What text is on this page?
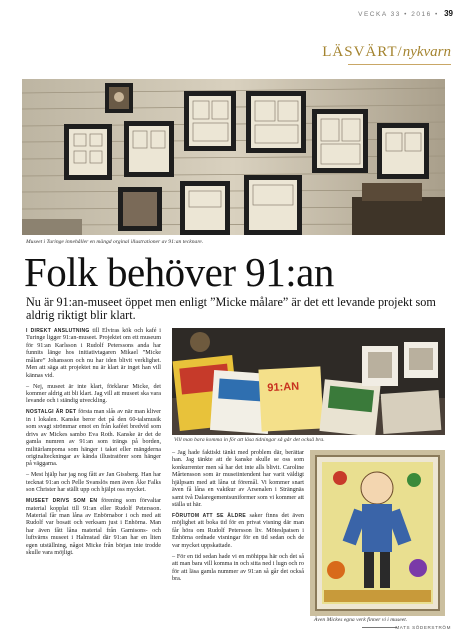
VECKA 33 • 2016 • 39
LÄSVÄRT/nykvarn
Museet i Turinge innehåller en mängd orginal illustrationer av 91:an tecknare.
Folk behöver 91:an
Nu är 91:an-museet öppet men enligt ”Micke målare” är det ett levande projekt som aldrig riktigt blir klart.

I DIREKT ANSLUTNING till Elviras kök och kafé i Turinge ligger 91:an-museet. Projektet om ett museum för 91:an Karlsson i Rudolf Peterssons anda har funnits länge hos initiativtagaren Mikael ”Micke målare” Johansson och nu har iden blivit verklighet. Men att säga att projektet nu är klart är inget han vill kännas vid.

– Nej, museet är inte klart, förklarar Micke, det kommer aldrig att bli klart. Jag vill att museet ska vara levande och i ständig utveckling.

NOSTALGI ÄR DET första man slås av när man kliver in i lokalen. Kanske beror det på den 60-talsmusik som svagt strömmar emot en från kaféet bredvid som drivs av Mickes sambo Eva Roth. Kanske är det de gamla numren av 91:an som trängs på borden, militärlampoma som hänger i taket eller mängderna originalteckningar av kända illustratörer som hänger på väggarna.

– Mest hjälp har jag nog fått av Jan Gissberg. Han har tecknat 91:an och Pelle Svanslös men även Åke Falks son Christer har ställt upp och hjälpt oss mycket.

MUSEET DRIVS SOM EN förening som förvaltar material kopplat till 91:an eller Rudolf Petersson. Material får man låna av Enbörnabor i och med att Rudolf var bosatt och verksam just i Enhörna. Man har även fått låna material från Garnisons- och luftvärns museet i Halmstad där 91:an har en liten egen utställning, något Micke från början inte trodde skulle vara möjligt.

91:AN
Vill man bara komma in för att läsa tidningar så går det också bra.

– Jag hade faktiskt tänkt med problem där, berättar han. Jag tänkte att de kanske skulle se oss som konkurrenter men så har det inte alls blivit. Caroline Mårtensson som är museiintendent har varit väldigt hjälpsam med att låna ut föremål. Vi kommer snart även få låna en vaktkur av Arsenalen i Strängnäs samt två Dalaregementsuniformer som vi kommer att ställa ut här.

FÖRUTOM ATT SE ÄLDRE saker finns det även möjlighet att boka tid för en privat visning där man får höra om Rudolf Petersson liv. Möteslpatsen i Enhörna ordnade visningar för en tid sedan och de var mycket uppskattade.

– För en tid sedan hade vi en möhippa här och det så att man bara vill komma in och sitta ned i lugn och ro för att läsa gamla nummer av 91:an så går det också bra.

Även Mickes egna verk finner vi i museet.
MATS SÖDERSTRÖM
